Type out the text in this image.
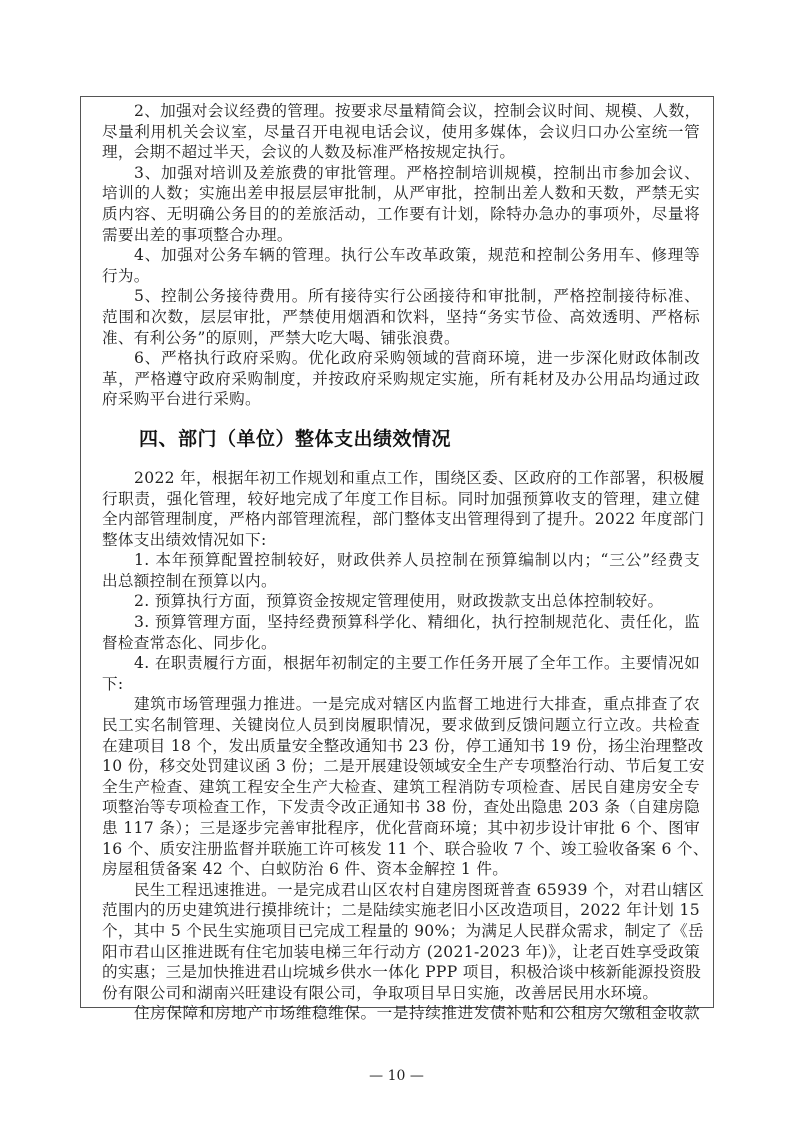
2、加强对会议经费的管理。按要求尽量精简会议，控制会议时间、规模、人数，
尽量利用机关会议室，尽量召开电视电话会议，使用多媒体，会议归口办公室统一管
理，会期不超过半天，会议的人数及标准严格按规定执行。
3、加强对培训及差旅费的审批管理。严格控制培训规模，控制出市参加会议、
培训的人数；实施出差申报层层审批制，从严审批，控制出差人数和天数，严禁无实
质内容、无明确公务目的的差旅活动，工作要有计划，除特办急办的事项外，尽量将
需要出差的事项整合办理。
4、加强对公务车辆的管理。执行公车改革政策，规范和控制公务用车、修理等
行为。
5、控制公务接待费用。所有接待实行公函接待和审批制，严格控制接待标准、
范围和次数，层层审批，严禁使用烟酒和饮料，坚持“务实节俭、高效透明、严格标
准、有利公务”的原则，严禁大吃大喝、铺张浪费。
6、严格执行政府采购。优化政府采购领域的营商环境，进一步深化财政体制改
革，严格遵守政府采购制度，并按政府采购规定实施，所有耗材及办公用品均通过政
府采购平台进行采购。
四、部门（单位）整体支出绩效情况
2022 年，根据年初工作规划和重点工作，围绕区委、区政府的工作部署，积极履
行职责，强化管理，较好地完成了年度工作目标。同时加强预算收支的管理，建立健
全内部管理制度，严格内部管理流程，部门整体支出管理得到了提升。2022 年度部门
整体支出绩效情况如下:
1. 本年预算配置控制较好，财政供养人员控制在预算编制以内；“三公”经费支
出总额控制在预算以内。
2. 预算执行方面，预算资金按规定管理使用，财政拨款支出总体控制较好。
3. 预算管理方面，坚持经费预算科学化、精细化，执行控制规范化、责任化，监
督检查常态化、同步化。
4. 在职责履行方面，根据年初制定的主要工作任务开展了全年工作。主要情况如
下:
建筑市场管理强力推进。一是完成对辖区内监督工地进行大排查，重点排查了农
民工实名制管理、关键岗位人员到岗履职情况，要求做到反馈问题立行立改。共检查
在建项目 18 个，发出质量安全整改通知书 23 份，停工通知书 19 份，扬尘治理整改
10 份，移交处罚建议函 3 份；二是开展建设领域安全生产专项整治行动、节后复工安
全生产检查、建筑工程安全生产大检查、建筑工程消防专项检查、居民自建房安全专
项整治等专项检查工作，下发责令改正通知书 38 份，查处出隐患 203 条（自建房隐
患 117 条）；三是逐步完善审批程序，优化营商环境；其中初步设计审批 6 个、图审
16 个、质安注册监督并联施工许可核发 11 个、联合验收 7 个、竣工验收备案 6 个、
房屋租赁备案 42 个、白蚁防治 6 件、资本金解控 1 件。
民生工程迅速推进。一是完成君山区农村自建房图斑普查 65939 个，对君山辖区
范围内的历史建筑进行摸排统计；二是陆续实施老旧小区改造项目，2022 年计划 15
个，其中 5 个民生实施项目已完成工程量的 90%；为满足人民群众需求，制定了《岳
阳市君山区推进既有住宅加装电梯三年行动方 (2021-2023 年)》，让老百姓享受政策
的实惠；三是加快推进君山垸城乡供水一体化 PPP 项目，积极洽谈中核新能源投资股
份有限公司和湖南兴旺建设有限公司，争取项目早日实施，改善居民用水环境。
住房保障和房地产市场维稳维保。一是持续推进发债补贴和公租房欠缴租金收款
— 10 —
